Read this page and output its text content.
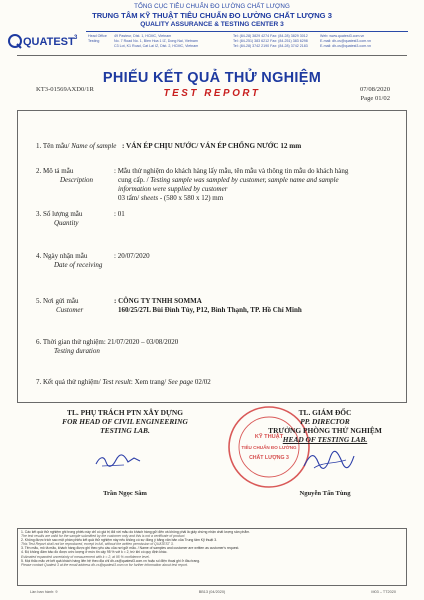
TỔNG CỤC TIÊU CHUẨN ĐO LƯỜNG CHẤT LƯỢNG
TRUNG TÂM KỸ THUẬT TIÊU CHUẨN ĐO LƯỜNG CHẤT LƯỢNG 3
QUALITY ASSURANCE & TESTING CENTER 3
QUATEST 3	Head Office
Testing
49 Pasteur, Dist. 1, HCMC, Vietnam
No. 7 Road No. 1, Bien Hoa 1 IZ, Dong Nai, Vietnam
C3 Lot, K1 Road, Cat Lai IZ, Dist. 2, HCMC, Vietnam
Tel: (84-28) 3829 4274 Fax: (84-28) 3829 3012
Tel: (84-251) 383 6212 Fax: (84-251) 383 6298
Tel: (84-28) 3742 2190 Fax: (84-28) 3742 2183
Web: www.quatest3.com.vn
E-mail: dh-cs@quatest3.com.vn
E-mail: dh-cs@quatest3.com.vn
PHIẾU KẾT QUẢ THỬ NGHIỆM
TEST REPORT
KT3-01569AXD0/1R	07/08/2020
Page 01/02
1. Tên mẫu/ Name of sample : VÁN ÉP CHỊU NƯỚC/ VÁN ÉP CHỐNG NƯỚC 12 mm
2. Mô tả mẫu
Description
: Mẫu thử nghiệm do khách hàng lấy mẫu, tên mẫu và thông tin mẫu do khách hàng
cung cấp. / Testing sample was sampled by customer, sample name and sample
information were supplied by customer
03 tấm/ sheets - (580 x 580 x 12) mm
3. Số lượng mẫu
Quantity
: 01
4. Ngày nhận mẫu
Date of receiving
: 20/07/2020
5. Nơi gửi mẫu
Customer
: CÔNG TY TNHH SOMMA
160/25/27L Bùi Đình Túy, P12, Bình Thạnh, TP. Hồ Chí Minh
6. Thời gian thử nghiệm: 21/07/2020 – 03/08/2020
Testing duration
7. Kết quả thử nghiệm/ Test result: Xem trang/ See page 02/02
TL. PHỤ TRÁCH PTN XÂY DỰNG
FOR HEAD OF CIVIL ENGINEERING
TESTING LAB.
KỸ THUẬT
TIÊU CHUẨN ĐO LƯỜNG
CHẤT LƯỢNG 3
TL. GIÁM ĐỐC
PP. DIRECTOR
TRƯỞNG PHÒNG THỬ NGHIỆM
HEAD OF TESTING LAB.
Trần Ngọc Sâm	Nguyễn Tấn Tùng
1. Các kết quả thử nghiệm ghi trong phiếu này chỉ có giá trị đối với mẫu do khách hàng gửi đến và không phải là giấy chứng nhận chất lượng sản phẩm.
The test results are valid for the sample submitted by the customer only and this is not a certificate of product.
2. Không được trích sao một phần phiếu kết quả thử nghiệm này nếu không có sự đồng ý bằng văn bản của Trung tâm Kỹ thuật 3.
This Test Report shall not be reproduced, except in full, without the written permission of QUATEST 3.
3. Tên mẫu, mô tả mẫu, khách hàng được ghi theo yêu cầu của nơi gửi mẫu. / Name of samples and customer are written as customer's request.
4. Độ không đảm bảo đo được ước lượng ở mức tin cậy 95 % với k = 2, trừ khi có quy định khác.
Estimated expanded uncertainty of measurement with k = 2, at 95 % confidence level.
5. Mọi thắc mắc về kết quả khách hàng liên hệ theo địa chỉ dh-cs@quatest3.com.vn hoặc số điện thoại ghi ở đầu trang.
Please contact Quatest 3 at the email address dh-cs@quatest3.com.vn for further information about test report.
Lần ban hành: 9	BB13 (04/2020)	M03 – TT2020
